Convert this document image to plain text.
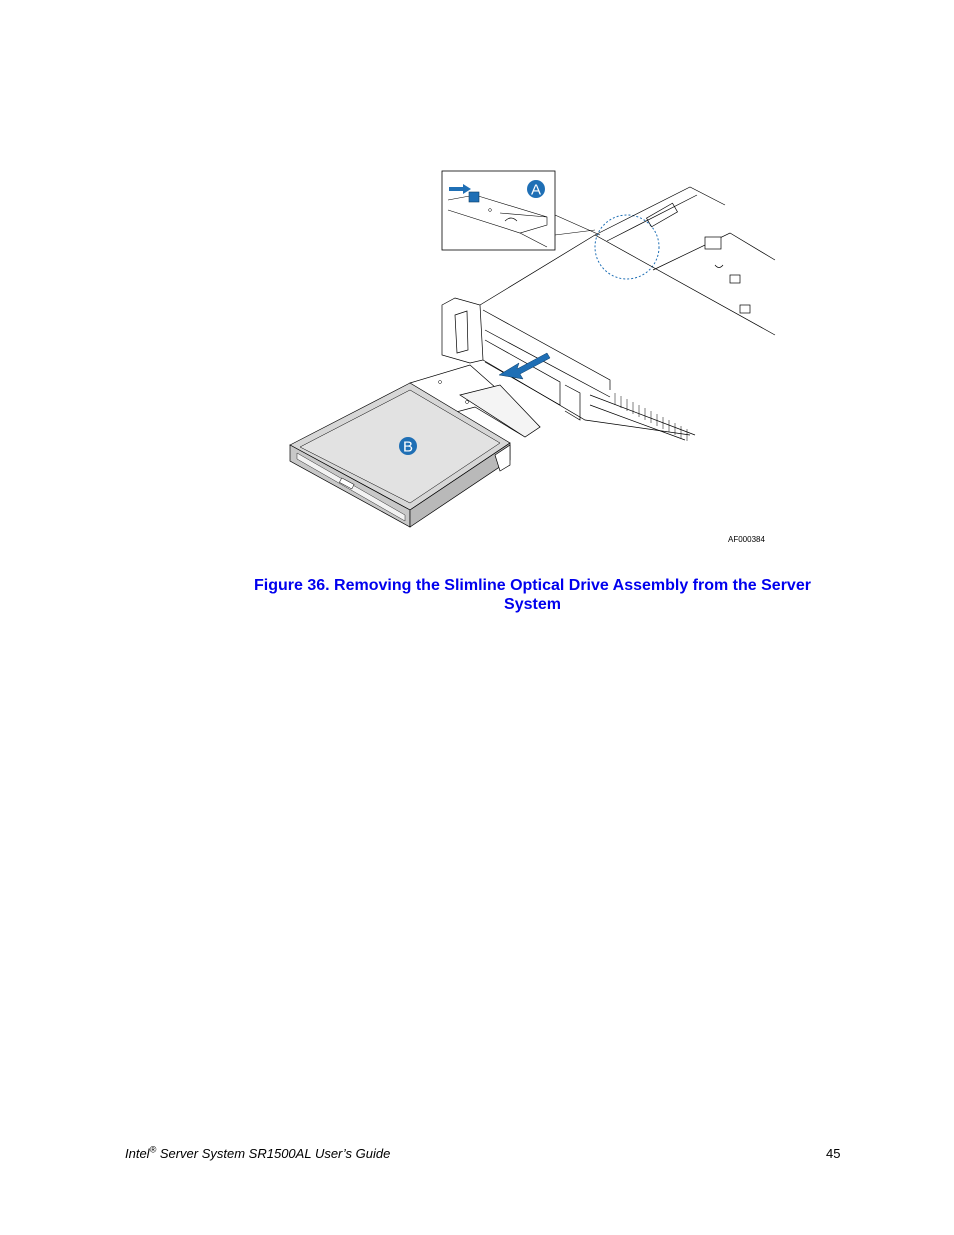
A
B
AF000384
Figure 36. Removing the Slimline Optical Drive Assembly from the Server
System
Intel® Server System SR1500AL User’s Guide	45
